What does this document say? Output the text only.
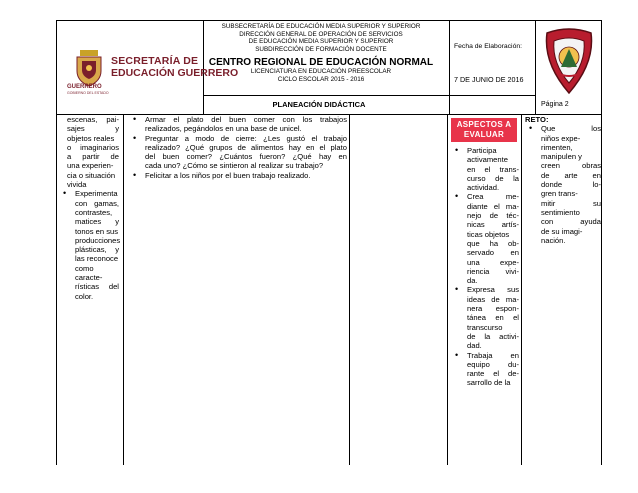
SECRETARÍA DE
EDUCACIÓN GUERRERO
GUERRERO
GOBIERNO DEL ESTADO
SUBSECRETARÍA DE EDUCACIÓN MEDIA SUPERIOR Y SUPERIOR
DIRECCIÓN GENERAL DE OPERACIÓN DE SERVICIOS
DE EDUCACIÓN MEDIA SUPERIOR Y SUPERIOR
SUBDIRECCIÓN DE FORMACIÓN DOCENTE
CENTRO REGIONAL DE EDUCACIÓN NORMAL
LICENCIATURA EN EDUCACIÓN PREESCOLAR
CICLO ESCOLAR 2015 - 2016
PLANEACIÓN DIDÁCTICA
Fecha de Elaboración:
7 DE JUNIO DE 2016
Página 2
escenas, pai-
sajes y
objetos reales
o imaginarios
a partir de
una experien-
cia o situación
vivida
• Experimenta
con gamas,
contrastes,
matices y
tonos en sus
producciones
plásticas, y
las reconoce
como caracte-
rísticas del
color.
• Armar el plato del buen comer con los trabajos
realizados, pegándolos en una base de unicel.
• Preguntar a modo de cierre: ¿Les gustó el trabajo
realizado? ¿Qué grupos de alimentos hay en el plato
del buen comer? ¿Cuántos fueron? ¿Qué hay en
cada uno? ¿Cómo se sintieron al realizar su trabajo?
• Felicitar a los niños por el buen trabajo realizado.
ASPECTOS A
EVALUAR
• Participa
activamente
en el trans-
curso de la
actividad.
• Crea me-
diante el ma-
nejo de téc-
nicas artís-
ticas objetos
que ha ob-
servado en
una expe-
riencia vivi-
da.
• Expresa sus
ideas de ma-
nera espon-
tánea en el
transcurso
de la activi-
dad.
• Trabaja en
equipo du-
rante el de-
sarrollo de la
RETO:
• Que los
niños expe-
rimenten,
manipulen y
creen obras
de arte en
donde lo-
gren trans-
mitir su
sentimiento
con ayuda
de su imagi-
nación.
